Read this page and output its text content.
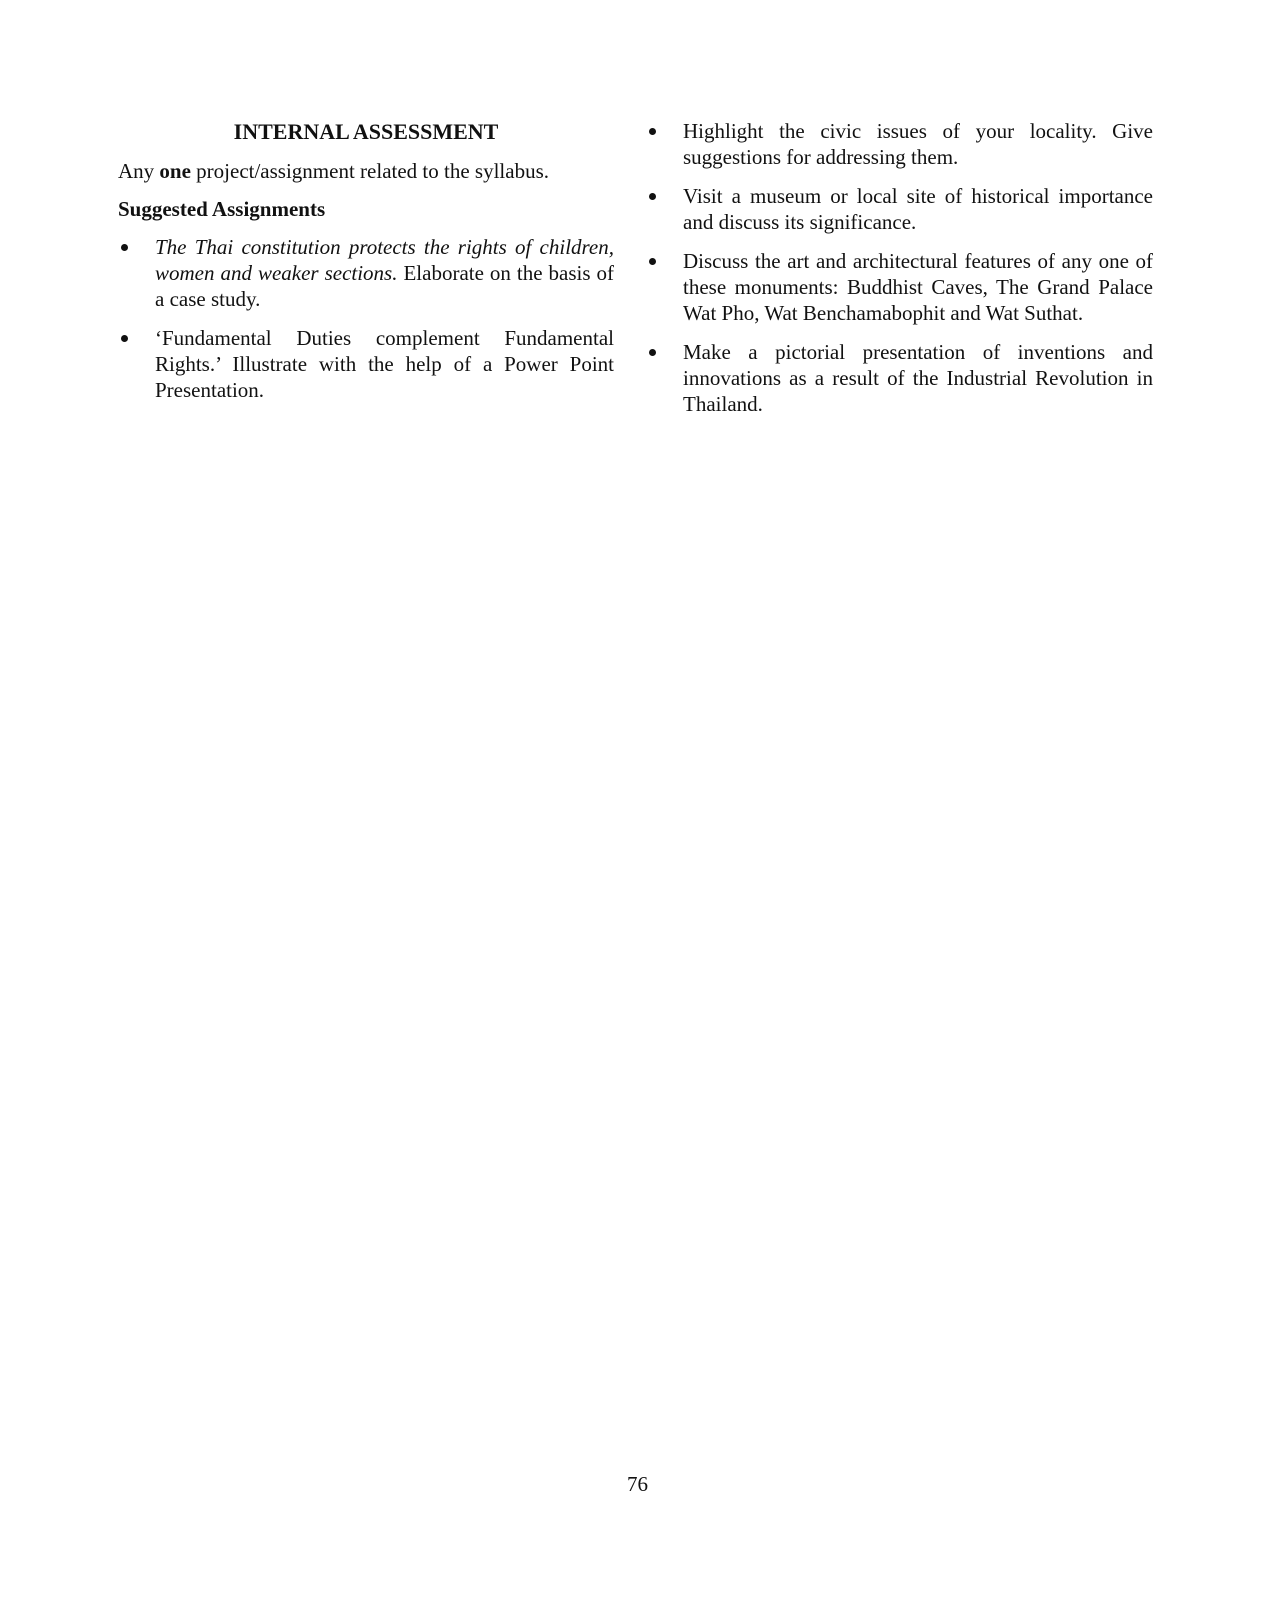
INTERNAL ASSESSMENT

Any one project/assignment related to the syllabus.

Suggested Assignments
The Thai constitution protects the rights of children, women and weaker sections. Elaborate on the basis of a case study.
‘Fundamental Duties complement Fundamental Rights.’ Illustrate with the help of a Power Point Presentation.
Highlight the civic issues of your locality. Give suggestions for addressing them.
Visit a museum or local site of historical importance and discuss its significance.
Discuss the art and architectural features of any one of these monuments: Buddhist Caves, The Grand Palace Wat Pho, Wat Benchamabophit and Wat Suthat.
Make a pictorial presentation of inventions and innovations as a result of the Industrial Revolution in Thailand.
76
